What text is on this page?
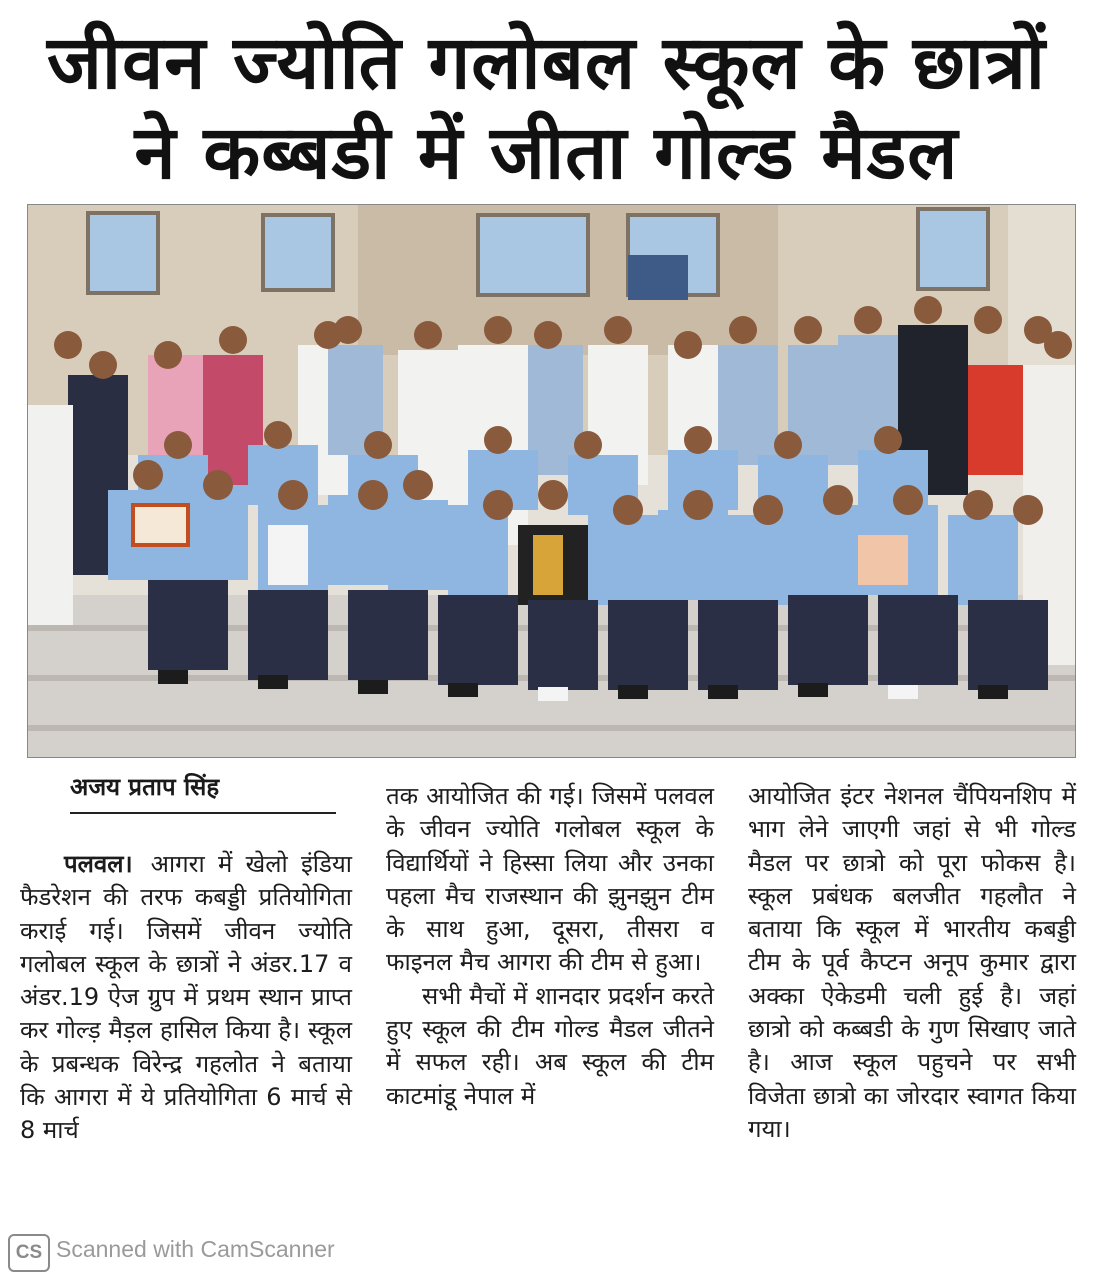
जीवन ज्योति गलोबल स्कूल के छात्रों
ने कब्बडी में जीता गोल्ड मैडल
अजय प्रताप सिंह

पलवल। आगरा में खेलो इंडिया फैडरेशन की तरफ कबड्डी प्रतियोगिता कराई गई। जिसमें जीवन ज्योति गलोबल स्कूल के छात्रों ने अंडर.17 व अंडर.19 ऐज ग्रुप में प्रथम स्थान प्राप्त कर गोल्ड़ मैड़ल हासिल किया है। स्कूल के प्रबन्धक विरेन्द्र गहलोत ने बताया कि आगरा में ये प्रतियोगिता 6 मार्च से 8 मार्च

तक आयोजित की गई। जिसमें पलवल के जीवन ज्योति गलोबल स्कूल के विद्यार्थियों ने हिस्सा लिया और उनका पहला मैच राजस्थान की झुनझुन टीम के साथ हुआ, दूसरा, तीसरा व फाइनल मैच आगरा की टीम से हुआ।

सभी मैचों में शानदार प्रदर्शन करते हुए स्कूल की टीम गोल्ड मैडल जीतने में सफल रही। अब स्कूल की टीम काटमांडू नेपाल में

आयोजित इंटर नेशनल चैंपियनशिप में भाग लेने जाएगी जहां से भी गोल्ड मैडल पर छात्रो को पूरा फोकस है। स्कूल प्रबंधक बलजीत गहलौत ने बताया कि स्कूल में भारतीय कबड्डी टीम के पूर्व कैप्टन अनूप कुमार द्वारा अक्का ऐकेडमी चली हुई है। जहां छात्रो को कब्बडी के गुण सिखाए जाते है। आज स्कूल पहुचने पर सभी विजेता छात्रो का जोरदार स्वागत किया गया।

CS Scanned with CamScanner
